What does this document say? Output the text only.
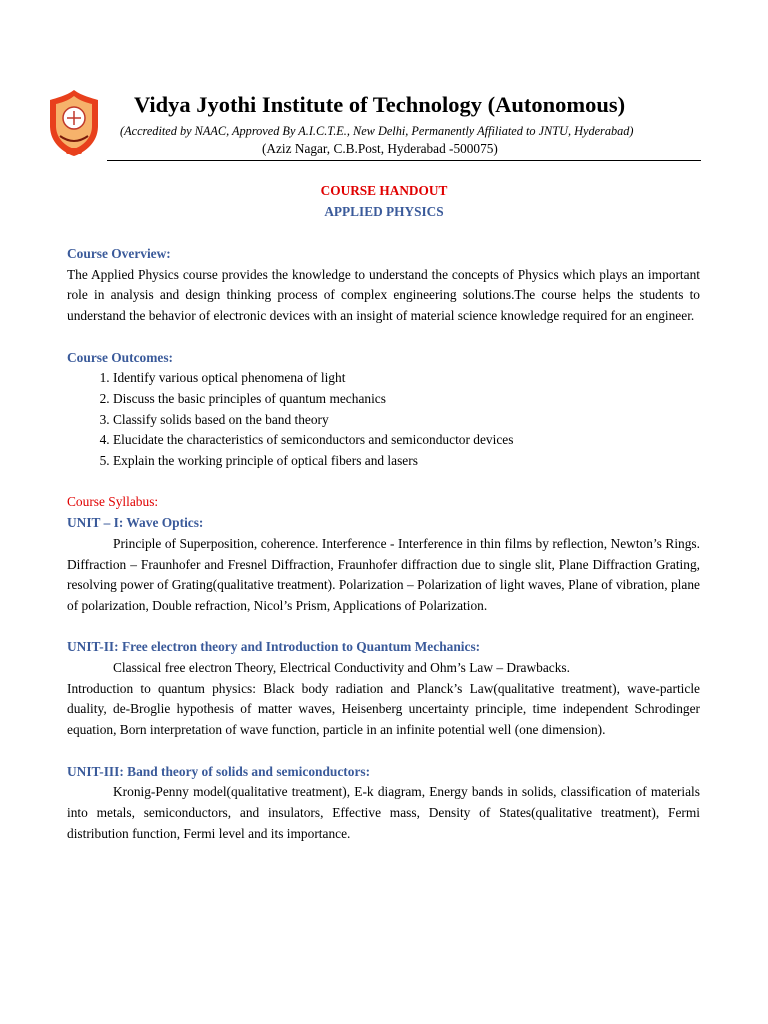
Vidya Jyothi Institute of Technology (Autonomous)
(Accredited by NAAC, Approved By A.I.C.T.E., New Delhi, Permanently Affiliated to JNTU, Hyderabad)
(Aziz Nagar, C.B.Post, Hyderabad -500075)
COURSE HANDOUT
APPLIED PHYSICS

Course Overview:

The Applied Physics course provides the knowledge to understand the concepts of Physics which plays an important role in analysis and design thinking process of complex engineering solutions.The course helps the students to understand the behavior of electronic devices with an insight of material science knowledge required for an engineer.

Course Outcomes:

1. Identify various optical phenomena of light
2. Discuss the basic principles of quantum mechanics
3. Classify solids based on the band theory
4. Elucidate the characteristics of semiconductors and semiconductor devices
5. Explain the working principle of optical fibers and lasers

Course Syllabus:

UNIT – I: Wave Optics:

Principle of Superposition, coherence. Interference - Interference in thin films by reflection, Newton’s Rings. Diffraction – Fraunhofer and Fresnel Diffraction, Fraunhofer diffraction due to single slit, Plane Diffraction Grating, resolving power of Grating(qualitative treatment). Polarization – Polarization of light waves, Plane of vibration, plane of polarization, Double refraction, Nicol’s Prism, Applications of Polarization.

UNIT-II: Free electron theory and Introduction to Quantum Mechanics:

Classical free electron Theory, Electrical Conductivity and Ohm’s Law – Drawbacks.

Introduction to quantum physics: Black body radiation and Planck’s Law(qualitative treatment), wave-particle duality, de-Broglie hypothesis of matter waves, Heisenberg uncertainty principle, time independent Schrodinger equation, Born interpretation of wave function, particle in an infinite potential well (one dimension).

UNIT-III: Band theory of solids and semiconductors:

Kronig-Penny model(qualitative treatment), E-k diagram, Energy bands in solids, classification of materials into metals, semiconductors, and insulators, Effective mass, Density of States(qualitative treatment), Fermi distribution function, Fermi level and its importance.
